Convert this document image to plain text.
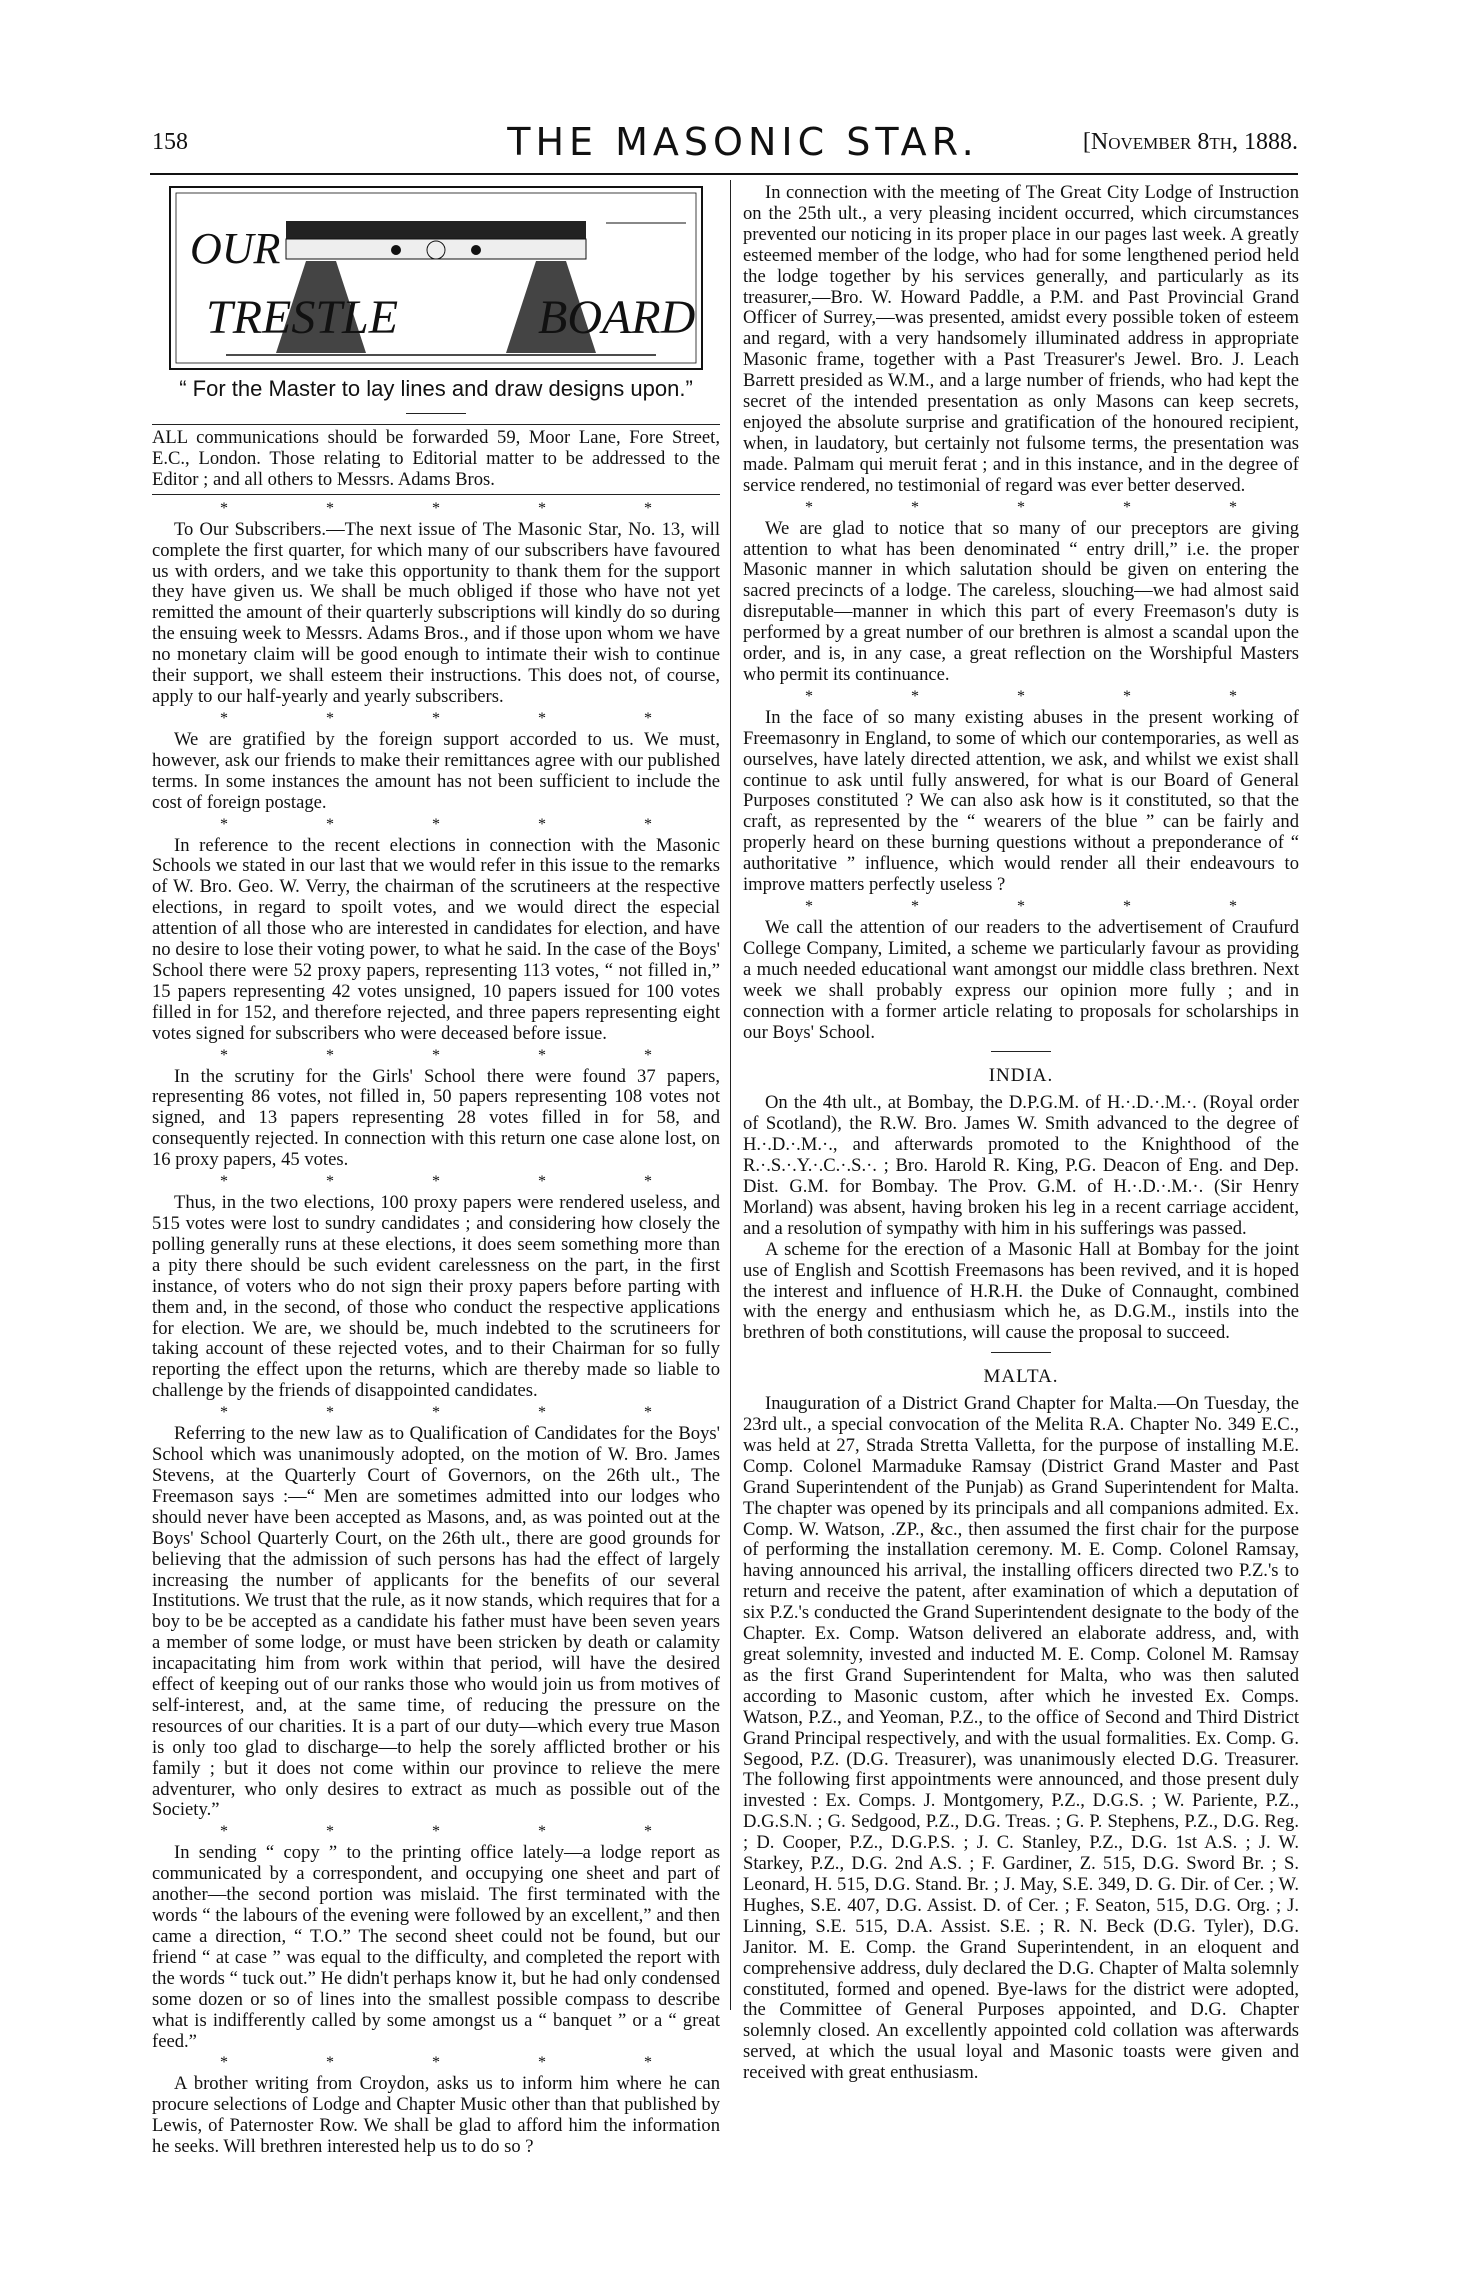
158	THE MASONIC STAR.	[November 8th, 1888.
OUR
TRESTLE	BOARD
“ For the Master to lay lines and draw designs upon.”

ALL communications should be forwarded 59, Moor Lane, Fore Street, E.C., London. Those relating to Editorial matter to be addressed to the Editor ; and all others to Messrs. Adams Bros.

*	*	*	*	*

To Our Subscribers.—The next issue of The Masonic Star, No. 13, will complete the first quarter, for which many of our subscribers have favoured us with orders, and we take this opportunity to thank them for the support they have given us. We shall be much obliged if those who have not yet remitted the amount of their quarterly subscriptions will kindly do so during the ensuing week to Messrs. Adams Bros., and if those upon whom we have no monetary claim will be good enough to intimate their wish to continue their support, we shall esteem their instructions. This does not, of course, apply to our half-yearly and yearly subscribers.

*	*	*	*	*

We are gratified by the foreign support accorded to us. We must, however, ask our friends to make their remittances agree with our published terms. In some instances the amount has not been sufficient to include the cost of foreign postage.

*	*	*	*	*

In reference to the recent elections in connection with the Masonic Schools we stated in our last that we would refer in this issue to the remarks of W. Bro. Geo. W. Verry, the chairman of the scrutineers at the respective elections, in regard to spoilt votes, and we would direct the especial attention of all those who are interested in candidates for election, and have no desire to lose their voting power, to what he said. In the case of the Boys' School there were 52 proxy papers, representing 113 votes, “ not filled in,” 15 papers representing 42 votes unsigned, 10 papers issued for 100 votes filled in for 152, and therefore rejected, and three papers representing eight votes signed for subscribers who were deceased before issue.

*	*	*	*	*

In the scrutiny for the Girls' School there were found 37 papers, representing 86 votes, not filled in, 50 papers representing 108 votes not signed, and 13 papers representing 28 votes filled in for 58, and consequently rejected. In connection with this return one case alone lost, on 16 proxy papers, 45 votes.

*	*	*	*	*

Thus, in the two elections, 100 proxy papers were rendered useless, and 515 votes were lost to sundry candidates ; and considering how closely the polling generally runs at these elections, it does seem something more than a pity there should be such evident carelessness on the part, in the first instance, of voters who do not sign their proxy papers before parting with them and, in the second, of those who conduct the respective applications for election. We are, we should be, much indebted to the scrutineers for taking account of these rejected votes, and to their Chairman for so fully reporting the effect upon the returns, which are thereby made so liable to challenge by the friends of disappointed candidates.

*	*	*	*	*

Referring to the new law as to Qualification of Candidates for the Boys' School which was unanimously adopted, on the motion of W. Bro. James Stevens, at the Quarterly Court of Governors, on the 26th ult., The Freemason says :—“ Men are sometimes admitted into our lodges who should never have been accepted as Masons, and, as was pointed out at the Boys' School Quarterly Court, on the 26th ult., there are good grounds for believing that the admission of such persons has had the effect of largely increasing the number of applicants for the benefits of our several Institutions. We trust that the rule, as it now stands, which requires that for a boy to be be accepted as a candidate his father must have been seven years a member of some lodge, or must have been stricken by death or calamity incapacitating him from work within that period, will have the desired effect of keeping out of our ranks those who would join us from motives of self-interest, and, at the same time, of reducing the pressure on the resources of our charities. It is a part of our duty—which every true Mason is only too glad to discharge—to help the sorely afflicted brother or his family ; but it does not come within our province to relieve the mere adventurer, who only desires to extract as much as possible out of the Society.”

*	*	*	*	*

In sending “ copy ” to the printing office lately—a lodge report as communicated by a correspondent, and occupying one sheet and part of another—the second portion was mislaid. The first terminated with the words “ the labours of the evening were followed by an excellent,” and then came a direction, “ T.O.” The second sheet could not be found, but our friend “ at case ” was equal to the difficulty, and completed the report with the words “ tuck out.” He didn't perhaps know it, but he had only condensed some dozen or so of lines into the smallest possible compass to describe what is indifferently called by some amongst us a “ banquet ” or a “ great feed.”

*	*	*	*	*

A brother writing from Croydon, asks us to inform him where he can procure selections of Lodge and Chapter Music other than that published by Lewis, of Paternoster Row. We shall be glad to afford him the information he seeks. Will brethren interested help us to do so ?

In connection with the meeting of The Great City Lodge of Instruction on the 25th ult., a very pleasing incident occurred, which circumstances prevented our noticing in its proper place in our pages last week. A greatly esteemed member of the lodge, who had for some lengthened period held the lodge together by his services generally, and particularly as its treasurer,—Bro. W. Howard Paddle, a P.M. and Past Provincial Grand Officer of Surrey,—was presented, amidst every possible token of esteem and regard, with a very handsomely illuminated address in appropriate Masonic frame, together with a Past Treasurer's Jewel. Bro. J. Leach Barrett presided as W.M., and a large number of friends, who had kept the secret of the intended presentation as only Masons can keep secrets, enjoyed the absolute surprise and gratification of the honoured recipient, when, in laudatory, but certainly not fulsome terms, the presentation was made. Palmam qui meruit ferat ; and in this instance, and in the degree of service rendered, no testimonial of regard was ever better deserved.

*	*	*	*	*

We are glad to notice that so many of our preceptors are giving attention to what has been denominated “ entry drill,” i.e. the proper Masonic manner in which salutation should be given on entering the sacred precincts of a lodge. The careless, slouching—we had almost said disreputable—manner in which this part of every Freemason's duty is performed by a great number of our brethren is almost a scandal upon the order, and is, in any case, a great reflection on the Worshipful Masters who permit its continuance.

*	*	*	*	*

In the face of so many existing abuses in the present working of Freemasonry in England, to some of which our contemporaries, as well as ourselves, have lately directed attention, we ask, and whilst we exist shall continue to ask until fully answered, for what is our Board of General Purposes constituted ? We can also ask how is it constituted, so that the craft, as represented by the “ wearers of the blue ” can be fairly and properly heard on these burning questions without a preponderance of “ authoritative ” influence, which would render all their endeavours to improve matters perfectly useless ?

*	*	*	*	*

We call the attention of our readers to the advertisement of Craufurd College Company, Limited, a scheme we particularly favour as providing a much needed educational want amongst our middle class brethren. Next week we shall probably express our opinion more fully ; and in connection with a former article relating to proposals for scholarships in our Boys' School.

INDIA.

On the 4th ult., at Bombay, the D.P.G.M. of H.·.D.·.M.·. (Royal order of Scotland), the R.W. Bro. James W. Smith advanced to the degree of H.·.D.·.M.·., and afterwards promoted to the Knighthood of the R.·.S.·.Y.·.C.·.S.·. ; Bro. Harold R. King, P.G. Deacon of Eng. and Dep. Dist. G.M. for Bombay. The Prov. G.M. of H.·.D.·.M.·. (Sir Henry Morland) was absent, having broken his leg in a recent carriage accident, and a resolution of sympathy with him in his sufferings was passed.

A scheme for the erection of a Masonic Hall at Bombay for the joint use of English and Scottish Freemasons has been revived, and it is hoped the interest and influence of H.R.H. the Duke of Connaught, combined with the energy and enthusiasm which he, as D.G.M., instils into the brethren of both constitutions, will cause the proposal to succeed.

MALTA.

Inauguration of a District Grand Chapter for Malta.—On Tuesday, the 23rd ult., a special convocation of the Melita R.A. Chapter No. 349 E.C., was held at 27, Strada Stretta Valletta, for the purpose of installing M.E. Comp. Colonel Marmaduke Ramsay (District Grand Master and Past Grand Superintendent of the Punjab) as Grand Superintendent for Malta. The chapter was opened by its principals and all companions admited. Ex. Comp. W. Watson, .ZP., &c., then assumed the first chair for the purpose of performing the installation ceremony. M. E. Comp. Colonel Ramsay, having announced his arrival, the installing officers directed two P.Z.'s to return and receive the patent, after examination of which a deputation of six P.Z.'s conducted the Grand Superintendent designate to the body of the Chapter. Ex. Comp. Watson delivered an elaborate address, and, with great solemnity, invested and inducted M. E. Comp. Colonel M. Ramsay as the first Grand Superintendent for Malta, who was then saluted according to Masonic custom, after which he invested Ex. Comps. Watson, P.Z., and Yeoman, P.Z., to the office of Second and Third District Grand Principal respectively, and with the usual formalities. Ex. Comp. G. Segood, P.Z. (D.G. Treasurer), was unanimously elected D.G. Treasurer. The following first appointments were announced, and those present duly invested : Ex. Comps. J. Montgomery, P.Z., D.G.S. ; W. Pariente, P.Z., D.G.S.N. ; G. Sedgood, P.Z., D.G. Treas. ; G. P. Stephens, P.Z., D.G. Reg. ; D. Cooper, P.Z., D.G.P.S. ; J. C. Stanley, P.Z., D.G. 1st A.S. ; J. W. Starkey, P.Z., D.G. 2nd A.S. ; F. Gardiner, Z. 515, D.G. Sword Br. ; S. Leonard, H. 515, D.G. Stand. Br. ; J. May, S.E. 349, D. G. Dir. of Cer. ; W. Hughes, S.E. 407, D.G. Assist. D. of Cer. ; F. Seaton, 515, D.G. Org. ; J. Linning, S.E. 515, D.A. Assist. S.E. ; R. N. Beck (D.G. Tyler), D.G. Janitor. M. E. Comp. the Grand Superintendent, in an eloquent and comprehensive address, duly declared the D.G. Chapter of Malta solemnly constituted, formed and opened. Bye-laws for the district were adopted, the Committee of General Purposes appointed, and D.G. Chapter solemnly closed. An excellently appointed cold collation was afterwards served, at which the usual loyal and Masonic toasts were given and received with great enthusiasm.
